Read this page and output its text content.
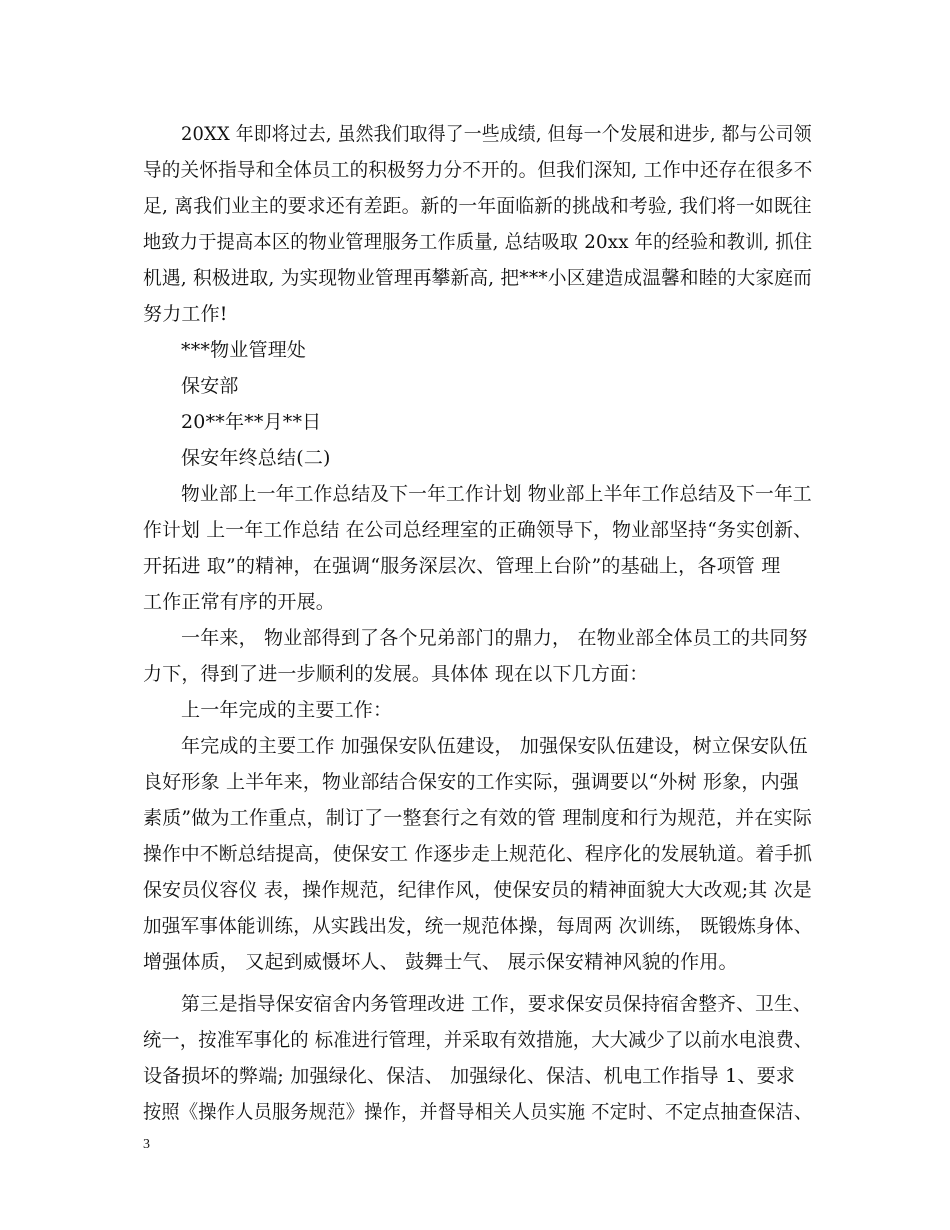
20XX 年即将过去, 虽然我们取得了一些成绩, 但每一个发展和进步, 都与公司领
导的关怀指导和全体员工的积极努力分不开的。但我们深知, 工作中还存在很多不
足, 离我们业主的要求还有差距。新的一年面临新的挑战和考验, 我们将一如既往
地致力于提高本区的物业管理服务工作质量, 总结吸取 20xx 年的经验和教训, 抓住
机遇, 积极进取, 为实现物业管理再攀新高, 把***小区建造成温馨和睦的大家庭而
努力工作!
***物业管理处
保安部
20**年**月**日
保安年终总结(二)
物业部上一年工作总结及下一年工作计划 物业部上半年工作总结及下一年工
作计划 上一年工作总结 在公司总经理室的正确领导下，物业部坚持“务实创新、
开拓进 取”的精神，在强调“服务深层次、管理上台阶”的基础上，各项管 理
工作正常有序的开展。
一年来， 物业部得到了各个兄弟部门的鼎力， 在物业部全体员工的共同努
力下，得到了进一步顺利的发展。具体体 现在以下几方面：
上一年完成的主要工作：
年完成的主要工作 加强保安队伍建设， 加强保安队伍建设，树立保安队伍
良好形象 上半年来，物业部结合保安的工作实际，强调要以“外树 形象，内强
素质”做为工作重点，制订了一整套行之有效的管 理制度和行为规范，并在实际
操作中不断总结提高，使保安工 作逐步走上规范化、程序化的发展轨道。着手抓
保安员仪容仪 表，操作规范，纪律作风，使保安员的精神面貌大大改观;其 次是
加强军事体能训练，从实践出发，统一规范体操，每周两 次训练， 既锻炼身体、
增强体质， 又起到威慑坏人、 鼓舞士气、 展示保安精神风貌的作用。
第三是指导保安宿舍内务管理改进 工作，要求保安员保持宿舍整齐、卫生、
统一，按准军事化的 标准进行管理，并采取有效措施，大大减少了以前水电浪费、
设备损坏的弊端; 加强绿化、保洁、 加强绿化、保洁、机电工作指导 1、要求
按照《操作人员服务规范》操作，并督导相关人员实施 不定时、不定点抽查保洁、
3
